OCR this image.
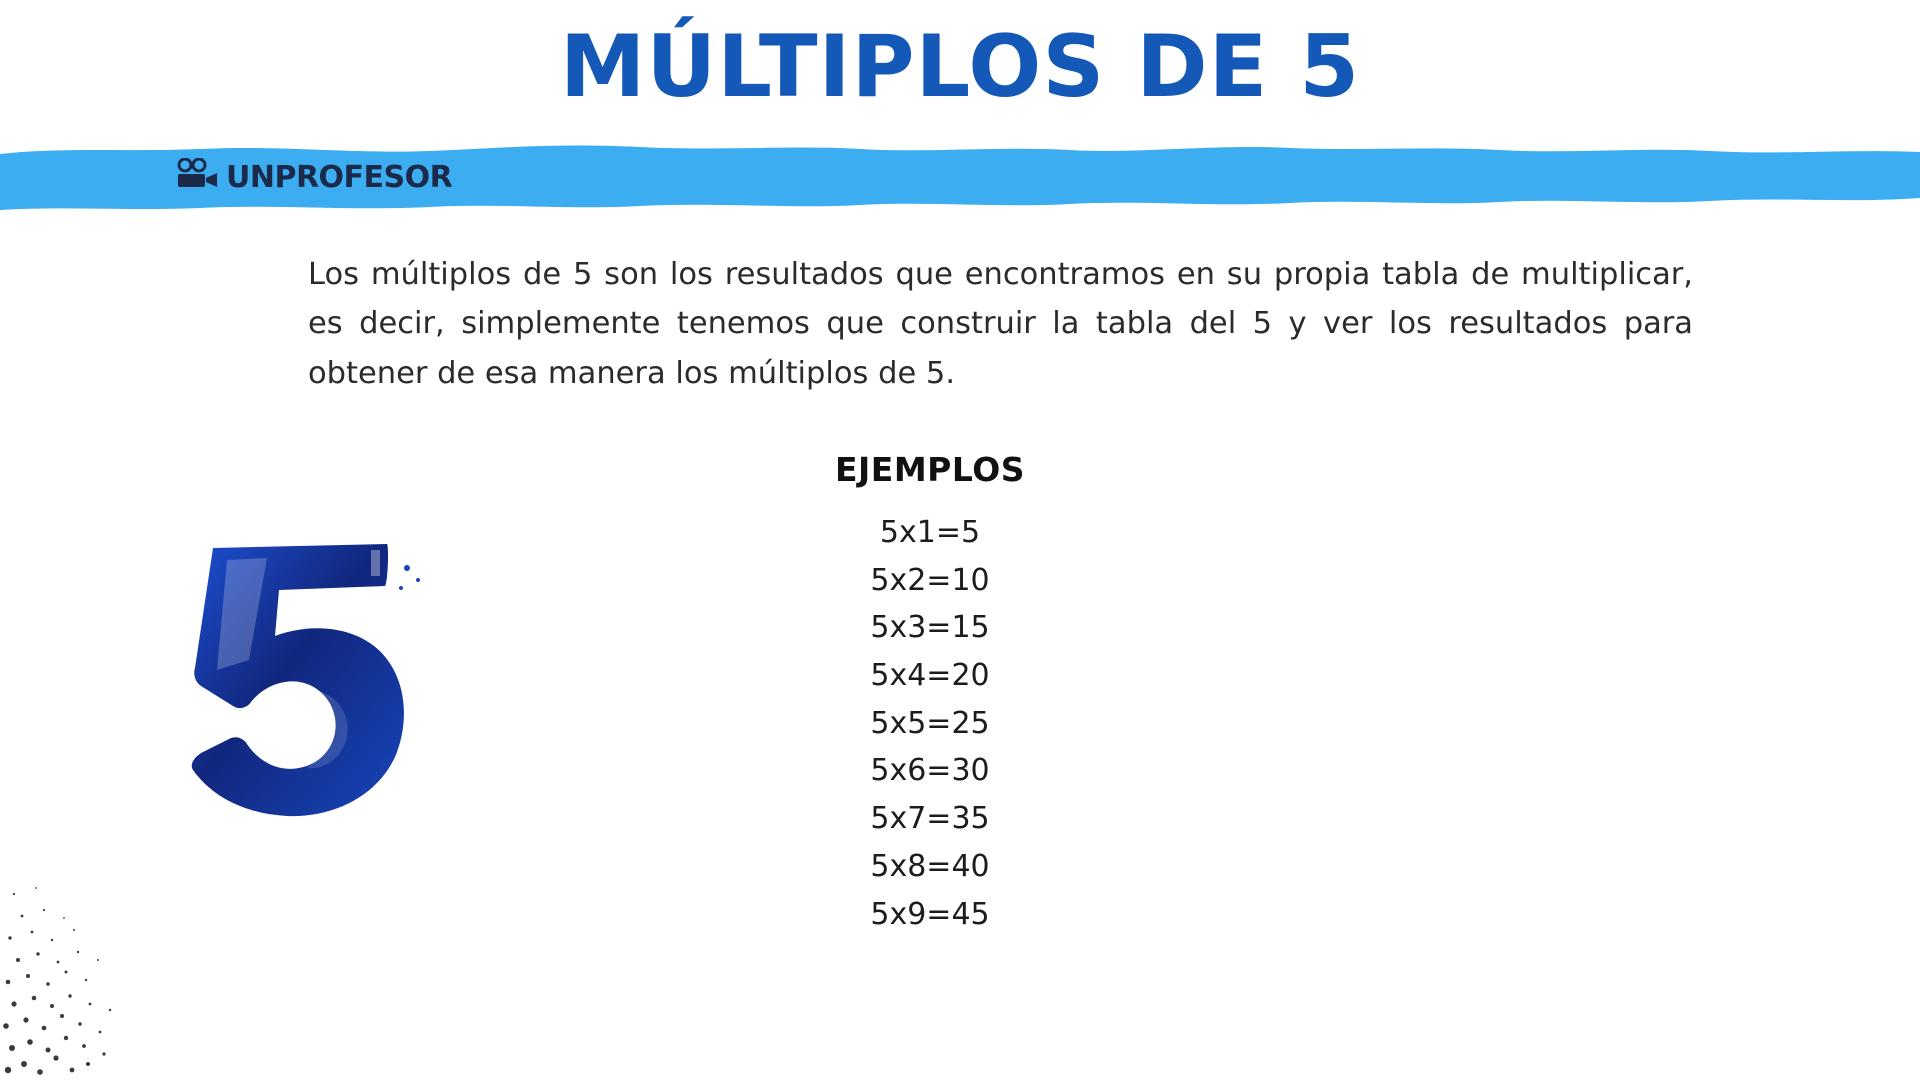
MÚLTIPLOS DE 5
UNPROFESOR
Los múltiplos de 5 son los resultados que encontramos en su propia tabla de multiplicar, es decir, simplemente tenemos que construir la tabla del 5 y ver los resultados para obtener de esa manera los múltiplos de 5.
EJEMPLOS
5x1=5
5x2=10
5x3=15
5x4=20
5x5=25
5x6=30
5x7=35
5x8=40
5x9=45
